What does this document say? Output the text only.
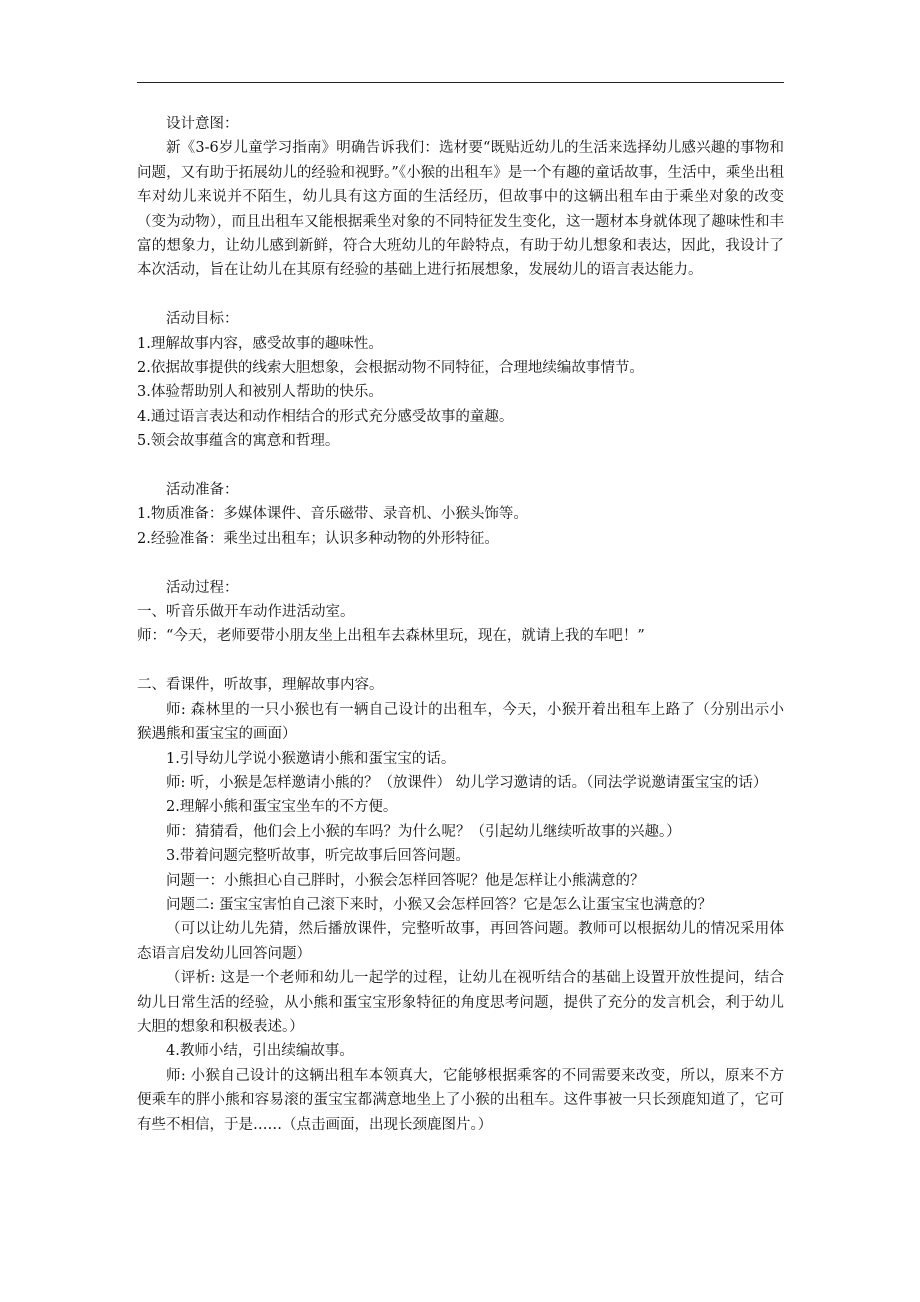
设计意图：

新《3-6岁儿童学习指南》明确告诉我们：选材要“既贴近幼儿的生活来选择幼儿感兴趣的事物和问题，又有助于拓展幼儿的经验和视野。”《小猴的出租车》是一个有趣的童话故事，生活中，乘坐出租车对幼儿来说并不陌生，幼儿具有这方面的生活经历，但故事中的这辆出租车由于乘坐对象的改变（变为动物），而且出租车又能根据乘坐对象的不同特征发生变化，这一题材本身就体现了趣味性和丰富的想象力，让幼儿感到新鲜，符合大班幼儿的年龄特点，有助于幼儿想象和表达，因此，我设计了本次活动，旨在让幼儿在其原有经验的基础上进行拓展想象，发展幼儿的语言表达能力。

活动目标：

1.理解故事内容，感受故事的趣味性。

2.依据故事提供的线索大胆想象，会根据动物不同特征，合理地续编故事情节。

3.体验帮助别人和被别人帮助的快乐。

4.通过语言表达和动作相结合的形式充分感受故事的童趣。

5.领会故事蕴含的寓意和哲理。

活动准备：

1.物质准备：多媒体课件、音乐磁带、录音机、小猴头饰等。

2.经验准备：乘坐过出租车；认识多种动物的外形特征。

活动过程：

一、听音乐做开车动作进活动室。

师：“今天，老师要带小朋友坐上出租车去森林里玩，现在，就请上我的车吧！”

二、看课件，听故事，理解故事内容。

师: 森林里的一只小猴也有一辆自己设计的出租车，今天，小猴开着出租车上路了（分别出示小猴遇熊和蛋宝宝的画面）

1.引导幼儿学说小猴邀请小熊和蛋宝宝的话。

师: 听，小猴是怎样邀请小熊的？（放课件） 幼儿学习邀请的话。（同法学说邀请蛋宝宝的话）

2.理解小熊和蛋宝宝坐车的不方便。

师：猜猜看，他们会上小猴的车吗？为什么呢？（引起幼儿继续听故事的兴趣。）

3.带着问题完整听故事，听完故事后回答问题。

问题一：小熊担心自己胖时，小猴会怎样回答呢？他是怎样让小熊满意的？

问题二: 蛋宝宝害怕自己滚下来时，小猴又会怎样回答？它是怎么让蛋宝宝也满意的？

（可以让幼儿先猜，然后播放课件，完整听故事，再回答问题。教师可以根据幼儿的情况采用体态语言启发幼儿回答问题）

（评析: 这是一个老师和幼儿一起学的过程，让幼儿在视听结合的基础上设置开放性提问，结合幼儿日常生活的经验，从小熊和蛋宝宝形象特征的角度思考问题，提供了充分的发言机会，利于幼儿大胆的想象和积极表述。）

4.教师小结，引出续编故事。

师: 小猴自己设计的这辆出租车本领真大，它能够根据乘客的不同需要来改变，所以，原来不方便乘车的胖小熊和容易滚的蛋宝宝都满意地坐上了小猴的出租车。这件事被一只长颈鹿知道了，它可有些不相信，于是……（点击画面，出现长颈鹿图片。）
